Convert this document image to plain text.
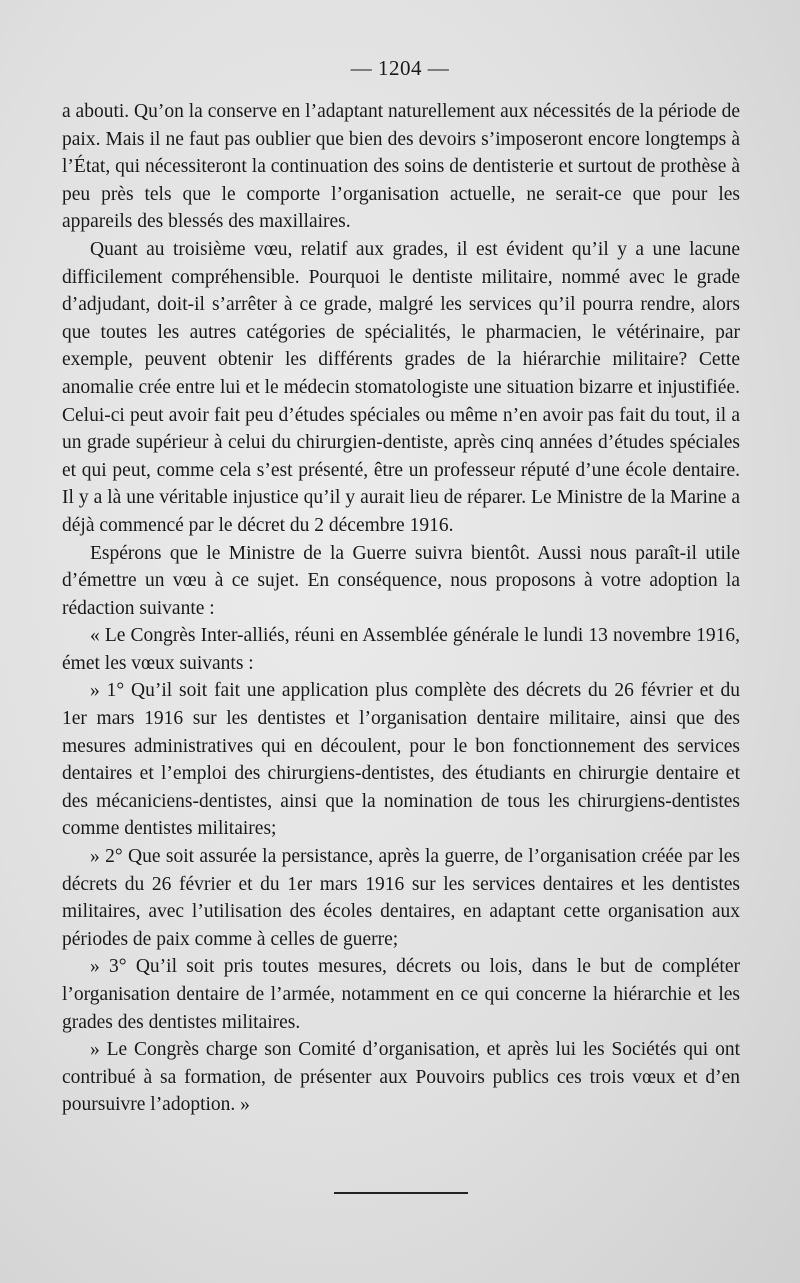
— 1204 —

a abouti. Qu’on la conserve en l’adaptant naturellement aux nécessités de la période de paix. Mais il ne faut pas oublier que bien des devoirs s’imposeront encore longtemps à l’État, qui nécessiteront la continuation des soins de dentisterie et surtout de prothèse à peu près tels que le comporte l’organisation actuelle, ne serait-ce que pour les appareils des blessés des maxillaires.

Quant au troisième vœu, relatif aux grades, il est évident qu’il y a une lacune difficilement compréhensible. Pourquoi le dentiste militaire, nommé avec le grade d’adjudant, doit-il s’arrêter à ce grade, malgré les services qu’il pourra rendre, alors que toutes les autres catégories de spécialités, le pharmacien, le vétérinaire, par exemple, peuvent obtenir les différents grades de la hiérarchie militaire? Cette anomalie crée entre lui et le médecin stomatologiste une situation bizarre et injustifiée. Celui-ci peut avoir fait peu d’études spéciales ou même n’en avoir pas fait du tout, il a un grade supérieur à celui du chirurgien-dentiste, après cinq années d’études spéciales et qui peut, comme cela s’est présenté, être un professeur réputé d’une école dentaire. Il y a là une véritable injustice qu’il y aurait lieu de réparer. Le Ministre de la Marine a déjà commencé par le décret du 2 décembre 1916.

Espérons que le Ministre de la Guerre suivra bientôt. Aussi nous paraît-il utile d’émettre un vœu à ce sujet. En conséquence, nous proposons à votre adoption la rédaction suivante :

« Le Congrès Inter-alliés, réuni en Assemblée générale le lundi 13 novembre 1916, émet les vœux suivants :

» 1° Qu’il soit fait une application plus complète des décrets du 26 février et du 1er mars 1916 sur les dentistes et l’organisation dentaire militaire, ainsi que des mesures administratives qui en découlent, pour le bon fonctionnement des services dentaires et l’emploi des chirurgiens-dentistes, des étudiants en chirurgie dentaire et des mécaniciens-dentistes, ainsi que la nomination de tous les chirurgiens-dentistes comme dentistes militaires;

» 2° Que soit assurée la persistance, après la guerre, de l’organisation créée par les décrets du 26 février et du 1er mars 1916 sur les services dentaires et les dentistes militaires, avec l’utilisation des écoles dentaires, en adaptant cette organisation aux périodes de paix comme à celles de guerre;

» 3° Qu’il soit pris toutes mesures, décrets ou lois, dans le but de compléter l’organisation dentaire de l’armée, notamment en ce qui concerne la hiérarchie et les grades des dentistes militaires.

» Le Congrès charge son Comité d’organisation, et après lui les Sociétés qui ont contribué à sa formation, de présenter aux Pouvoirs publics ces trois vœux et d’en poursuivre l’adoption. »
